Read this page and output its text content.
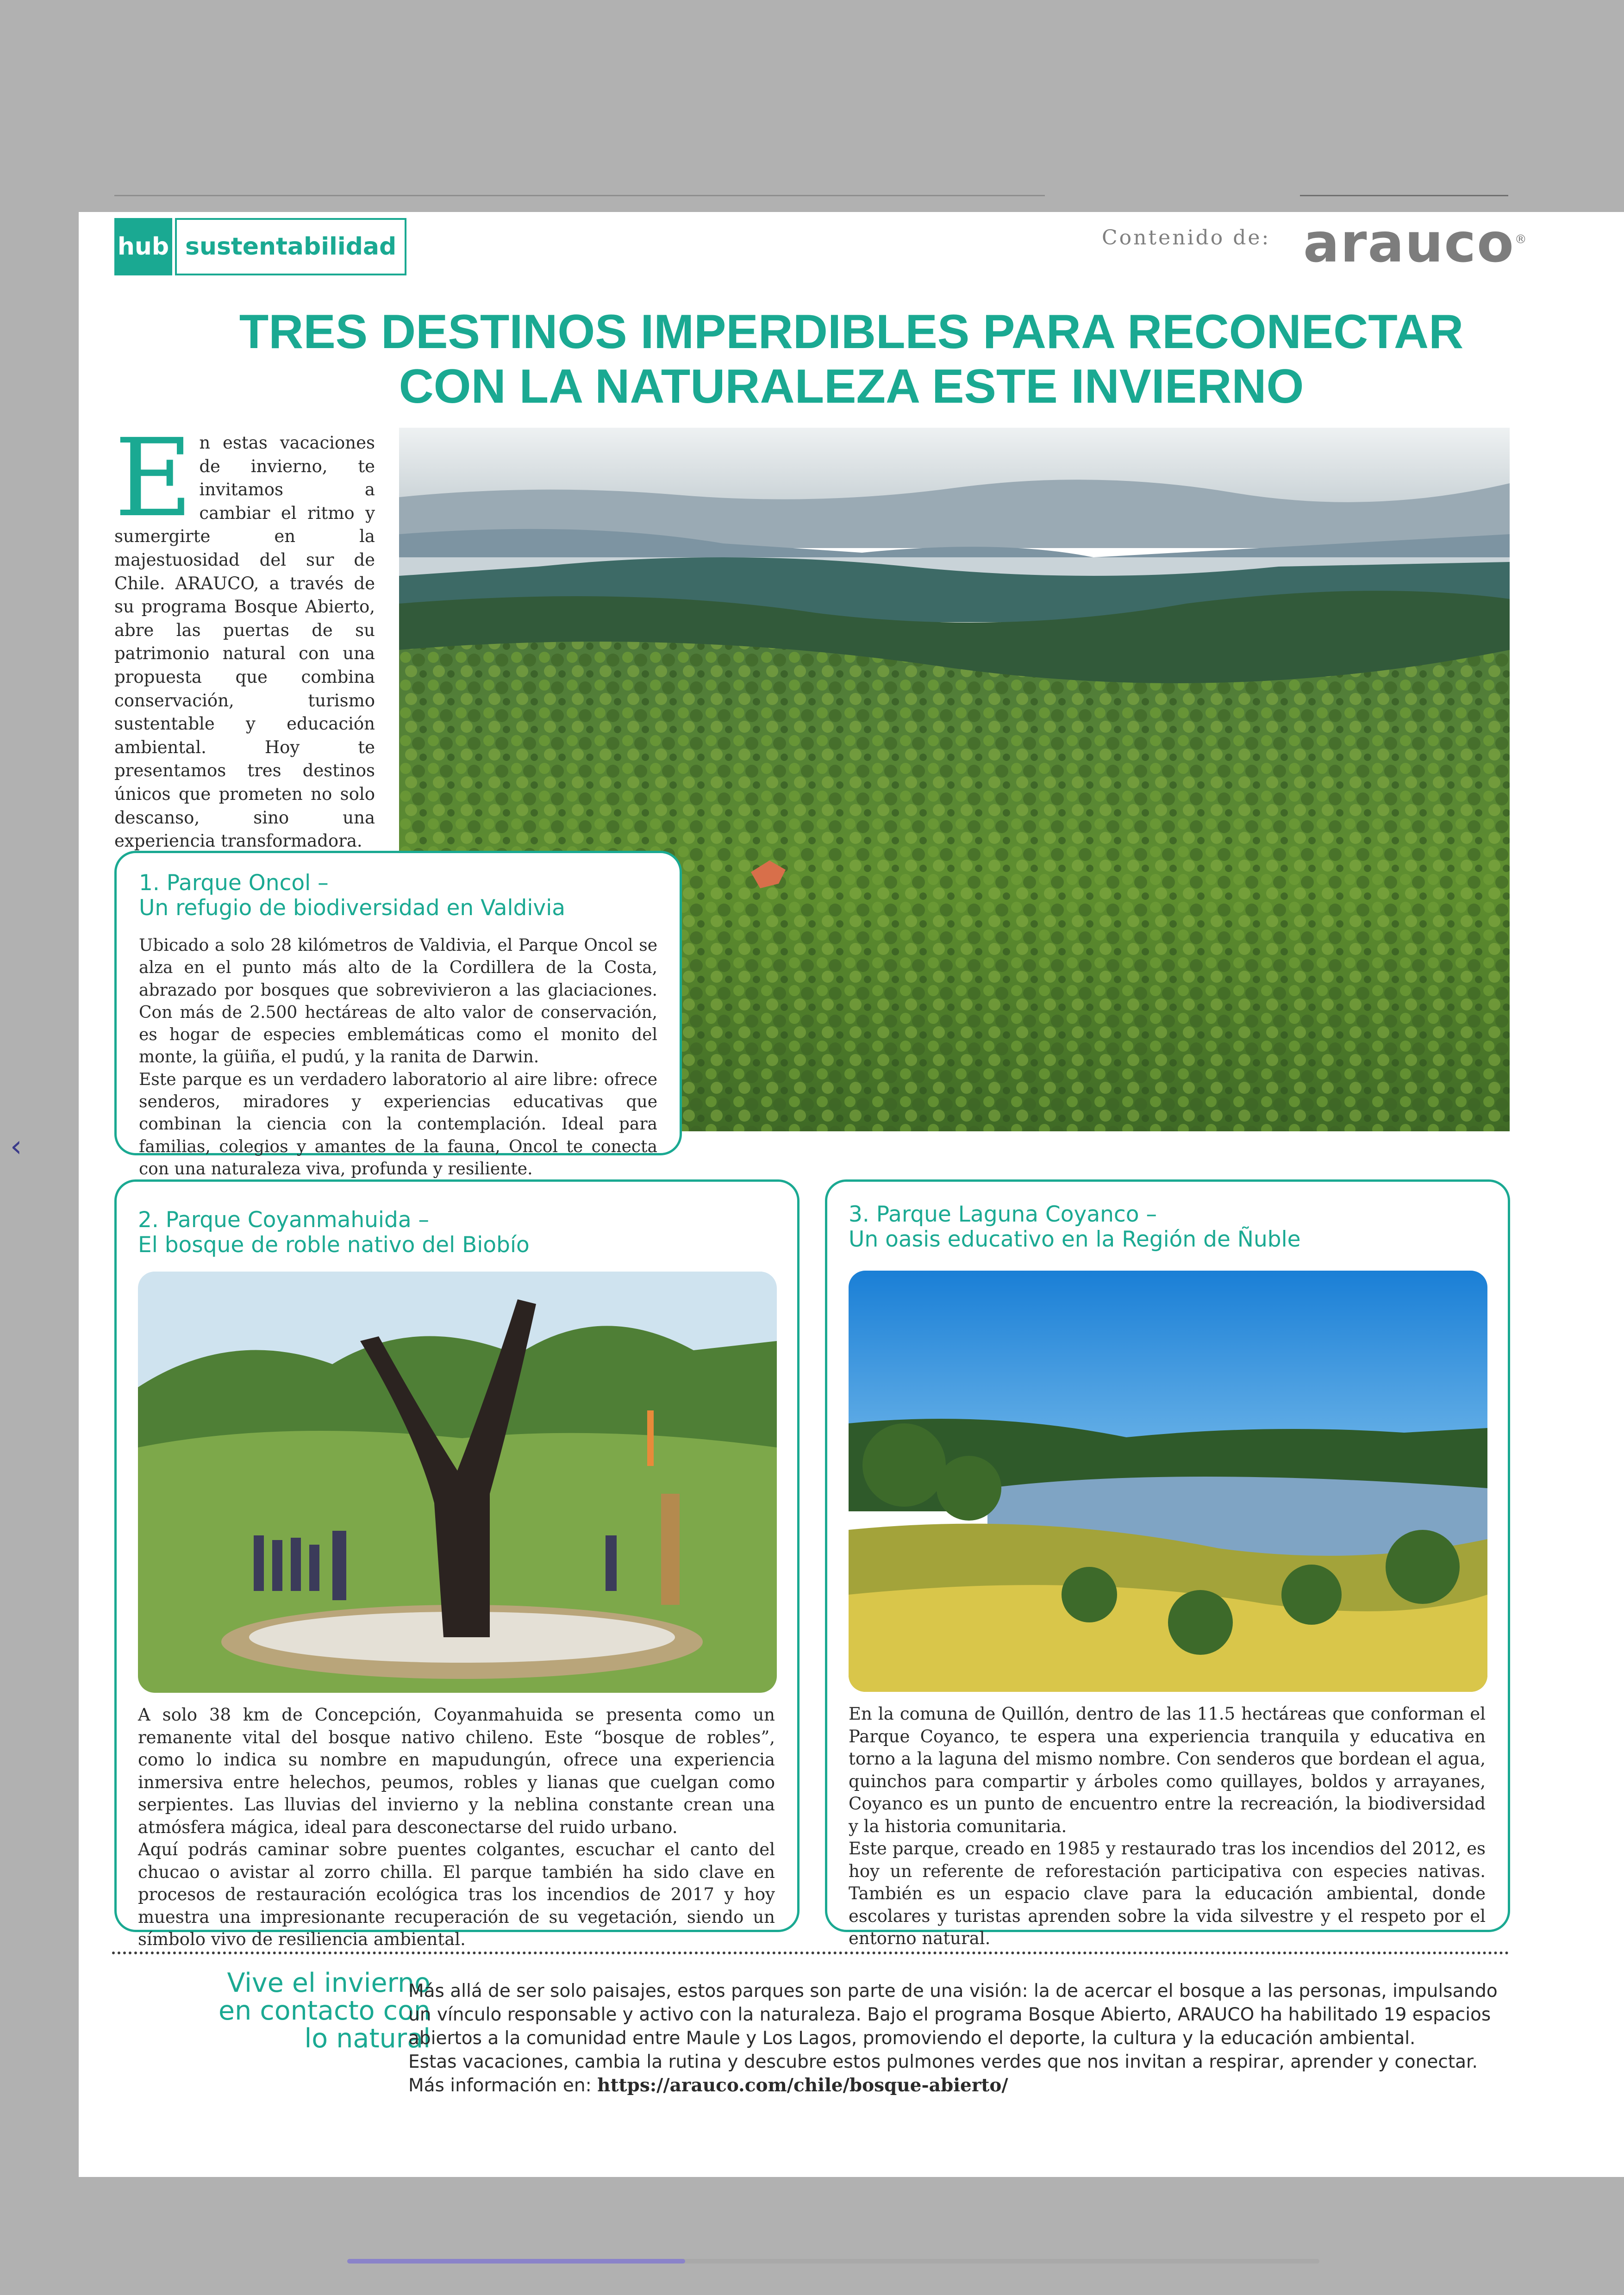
‹
hub sustentabilidad	Contenido de: arauco®
TRES DESTINOS IMPERDIBLES PARA RECONECTAR
CON LA NATURALEZA ESTE INVIERNO
En estas vacaciones de invierno, te invitamos a cambiar el ritmo y sumergirte en la majestuosidad del sur de Chile. ARAUCO, a través de su programa Bosque Abierto, abre las puertas de su patrimonio natural con una propuesta que combina conservación, turismo sustentable y educación ambiental. Hoy te presentamos tres destinos únicos que prometen no solo descanso, sino una experiencia transformadora.
1. Parque Oncol –
Un refugio de biodiversidad en Valdivia

Ubicado a solo 28 kilómetros de Valdivia, el Parque Oncol se alza en el punto más alto de la Cordillera de la Costa, abrazado por bosques que sobrevivieron a las glaciaciones. Con más de 2.500 hectáreas de alto valor de conservación, es hogar de especies emblemáticas como el monito del monte, la güiña, el pudú, y la ranita de Darwin.

Este parque es un verdadero laboratorio al aire libre: ofrece senderos, miradores y experiencias educativas que combinan la ciencia con la contemplación. Ideal para familias, colegios y amantes de la fauna, Oncol te conecta con una naturaleza viva, profunda y resiliente.

2. Parque Coyanmahuida –
El bosque de roble nativo del Biobío

A solo 38 km de Concepción, Coyanmahuida se presenta como un remanente vital del bosque nativo chileno. Este “bosque de robles”, como lo indica su nombre en mapudungún, ofrece una experiencia inmersiva entre helechos, peumos, robles y lianas que cuelgan como serpientes. Las lluvias del invierno y la neblina constante crean una atmósfera mágica, ideal para desconectarse del ruido urbano.

Aquí podrás caminar sobre puentes colgantes, escuchar el canto del chucao o avistar al zorro chilla. El parque también ha sido clave en procesos de restauración ecológica tras los incendios de 2017 y hoy muestra una impresionante recuperación de su vegetación, siendo un símbolo vivo de resiliencia ambiental.

3. Parque Laguna Coyanco –
Un oasis educativo en la Región de Ñuble

En la comuna de Quillón, dentro de las 11.5 hectáreas que conforman el Parque Coyanco, te espera una experiencia tranquila y educativa en torno a la laguna del mismo nombre. Con senderos que bordean el agua, quinchos para compartir y árboles como quillayes, boldos y arrayanes, Coyanco es un punto de encuentro entre la recreación, la biodiversidad y la historia comunitaria.

Este parque, creado en 1985 y restaurado tras los incendios del 2012, es hoy un referente de reforestación participativa con especies nativas. También es un espacio clave para la educación ambiental, donde escolares y turistas aprenden sobre la vida silvestre y el respeto por el entorno natural.

Vive el invierno
en contacto con
lo natural
Más allá de ser solo paisajes, estos parques son parte de una visión: la de acercar el bosque a las personas, impulsando un vínculo responsable y activo con la naturaleza. Bajo el programa Bosque Abierto, ARAUCO ha habilitado 19 espacios abiertos a la comunidad entre Maule y Los Lagos, promoviendo el deporte, la cultura y la educación ambiental.
Estas vacaciones, cambia la rutina y descubre estos pulmones verdes que nos invitan a respirar, aprender y conectar.
Más información en: https://arauco.com/chile/bosque-abierto/
